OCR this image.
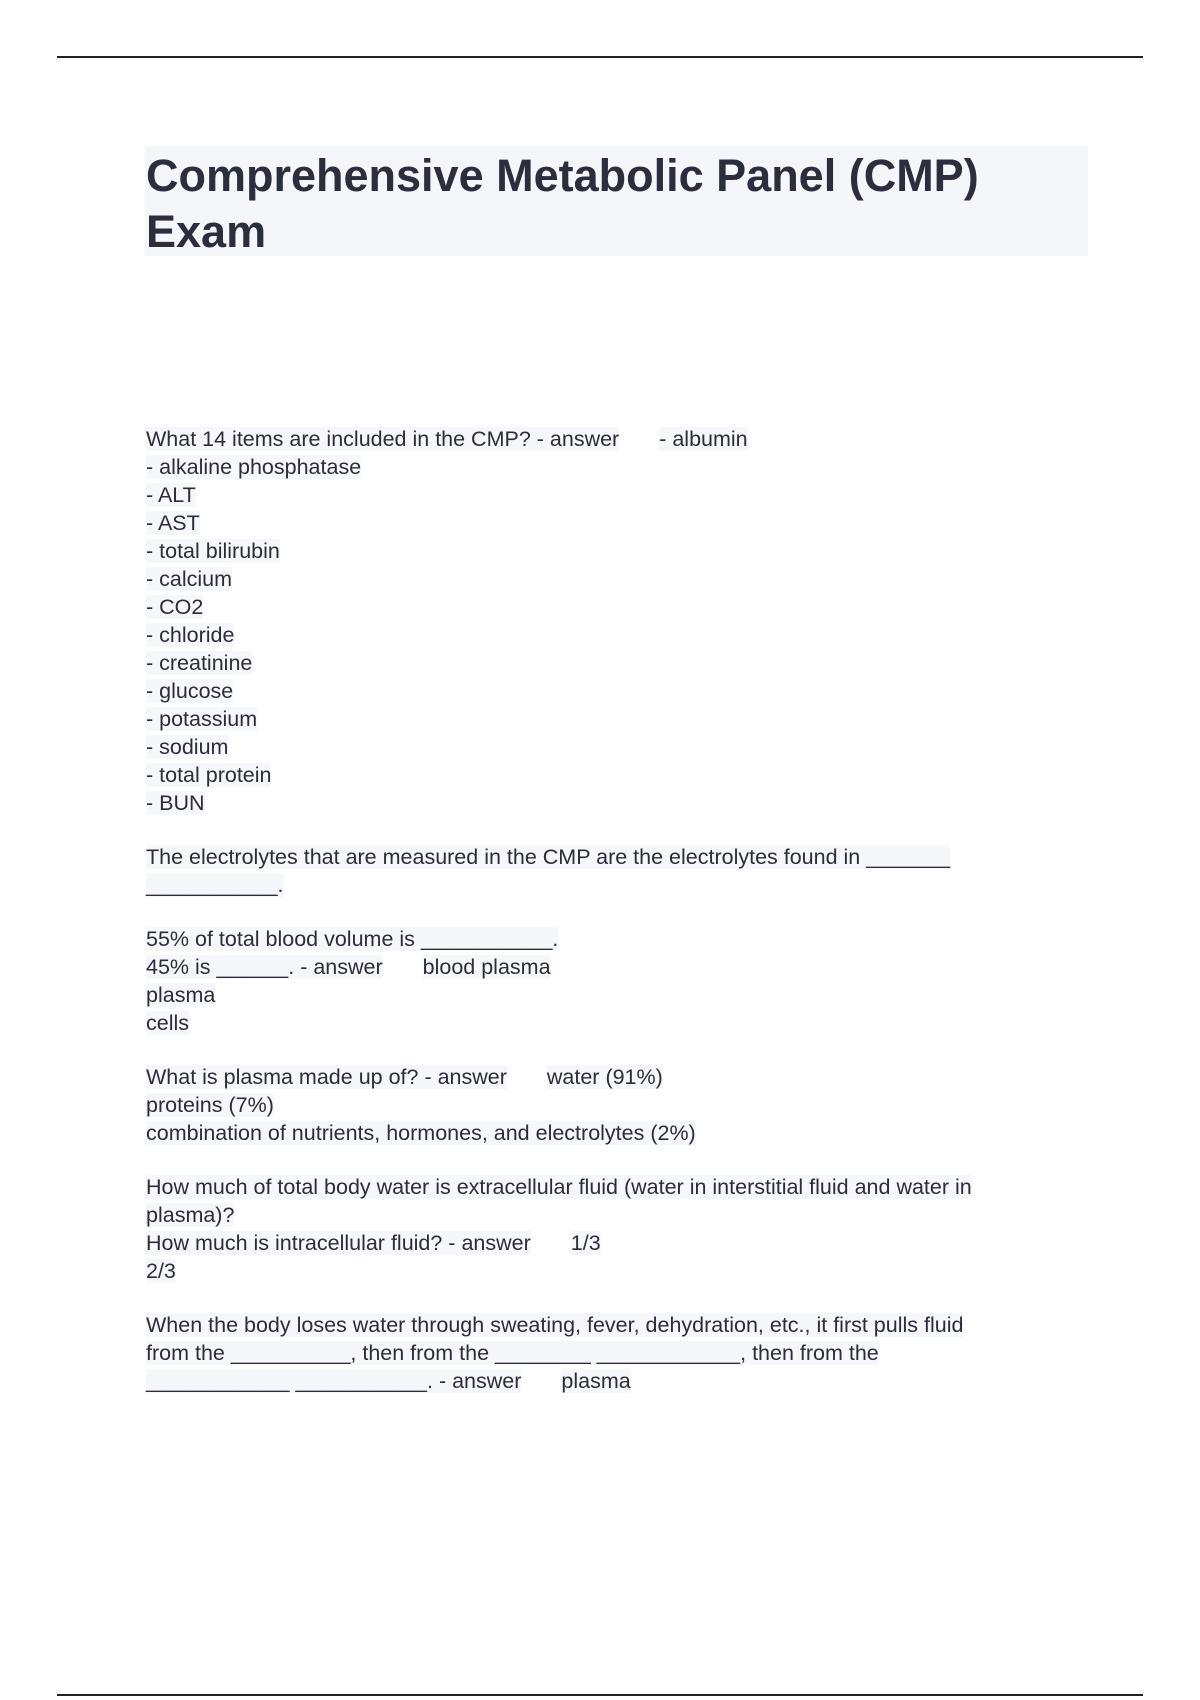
Comprehensive Metabolic Panel (CMP) Exam
What 14 items are included in the CMP? - answer - albumin
- alkaline phosphatase
- ALT
- AST
- total bilirubin
- calcium
- CO2
- chloride
- creatinine
- glucose
- potassium
- sodium
- total protein
- BUN
The electrolytes that are measured in the CMP are the electrolytes found in _______
___________.
55% of total blood volume is ___________.
45% is ______. - answer blood plasma
plasma
cells
What is plasma made up of? - answer water (91%)
proteins (7%)
combination of nutrients, hormones, and electrolytes (2%)
How much of total body water is extracellular fluid (water in interstitial fluid and water in
plasma)?
How much is intracellular fluid? - answer 1/3
2/3
When the body loses water through sweating, fever, dehydration, etc., it first pulls fluid
from the __________, then from the ________ ____________, then from the
____________ ___________. - answer plasma
